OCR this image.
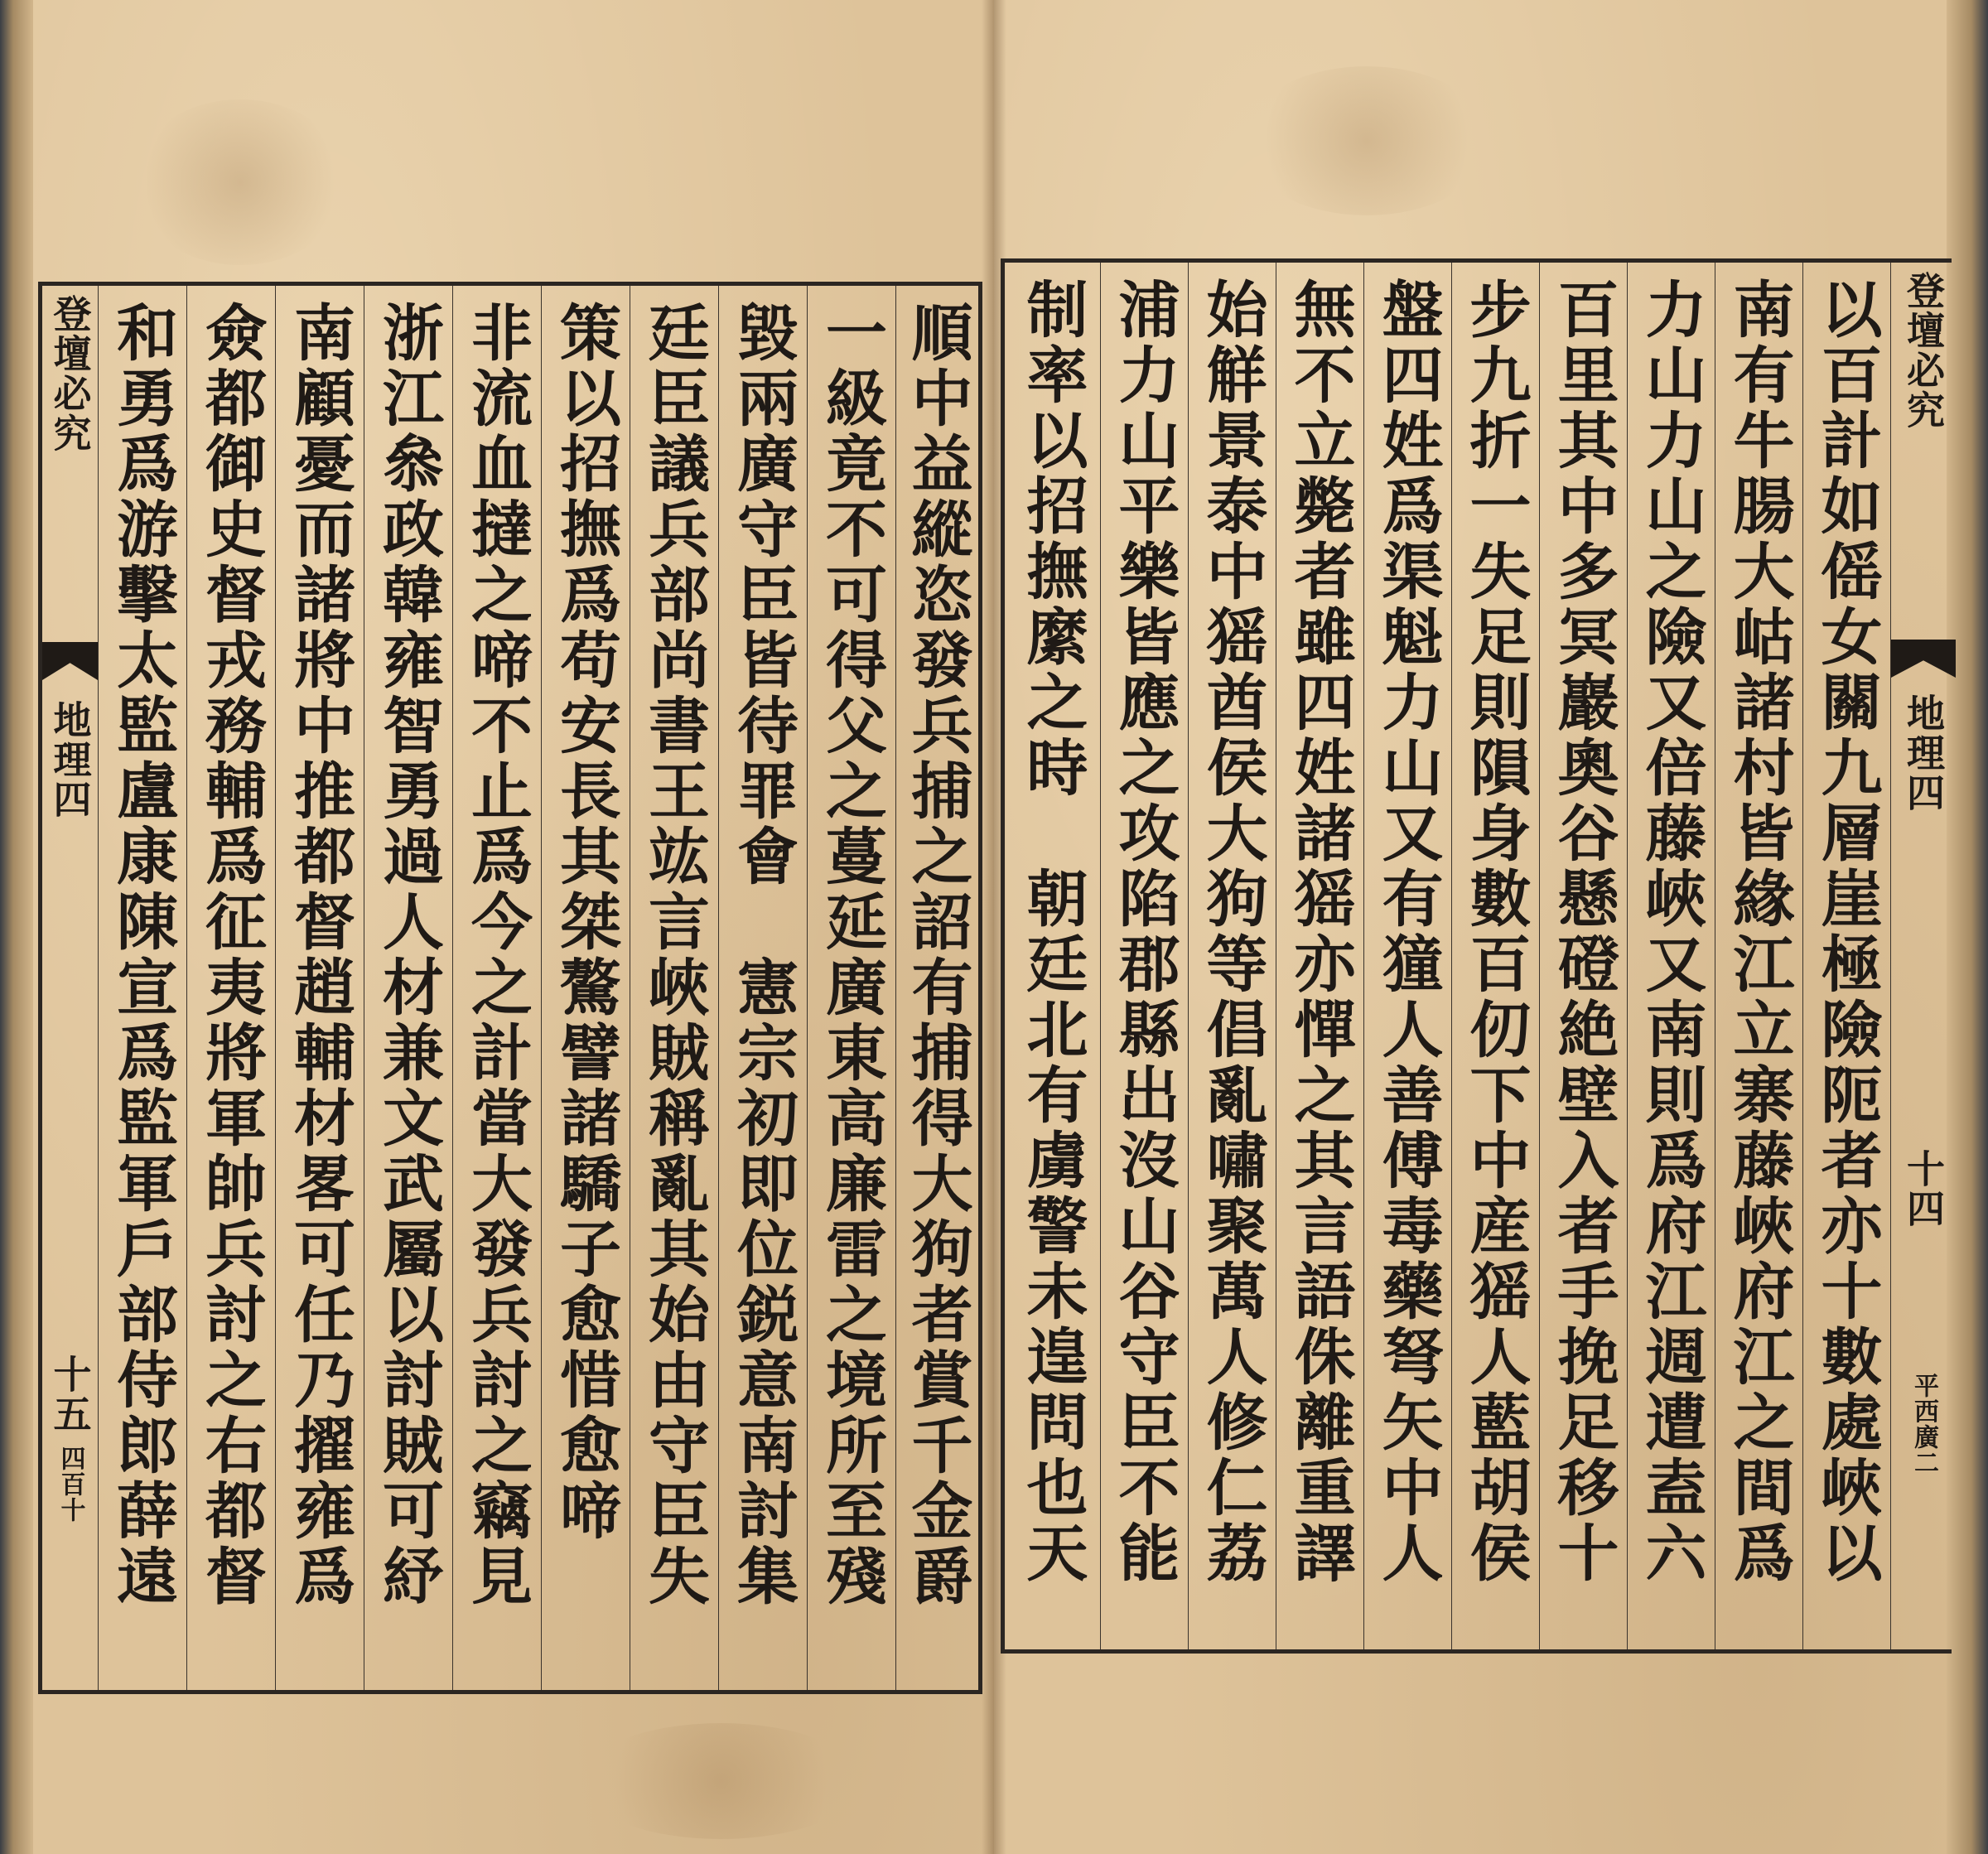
登壇必究
地理四
十五
四百十 和勇爲游擊太監盧康陳宣爲監軍戶部侍郎薛遠 僉都御史督戎務輔爲征夷將軍帥兵討之右都督 南顧憂而諸將中推都督趙輔材畧可任乃擢雍爲 浙江叅政韓雍智勇過人材兼文武屬以討賊可紓 非流血撻之啼不止爲今之計當大發兵討之竊見 策以招撫爲苟安長其桀驁譬諸驕子愈惜愈啼 廷臣議兵部尚書王竑言峽賊稱亂其始由守臣失 毀兩廣守臣皆待罪會　憲宗初即位鋭意南討集 一級竟不可得父之蔓延廣東高廉雷之境所至殘 順中益縱恣發兵捕之詔有捕得大狗者賞千金爵 制率以招撫縻之時　朝廷北有虜警未遑問也天 浦力山平樂皆應之攻陷郡縣出沒山谷守臣不能 始觧景泰中猺酋侯大狗等倡亂嘯聚萬人修仁荔 無不立斃者雖四姓諸猺亦憚之其言語侏離重譯 盤四姓爲渠魁力山又有獞人善傅毒藥弩矢中人 步九折一失足則隕身數百仞下中産猺人藍胡侯 百里其中多冥巖奧谷懸磴絶壁入者手挽足移十 力山力山之險又倍藤峽又南則爲府江週遭盍六 南有牛腸大岵諸村皆緣江立寨藤峽府江之間爲 以百計如傜女關九層崖極險阨者亦十數處峽以 登壇必究
地理四
十四
平西廣二
